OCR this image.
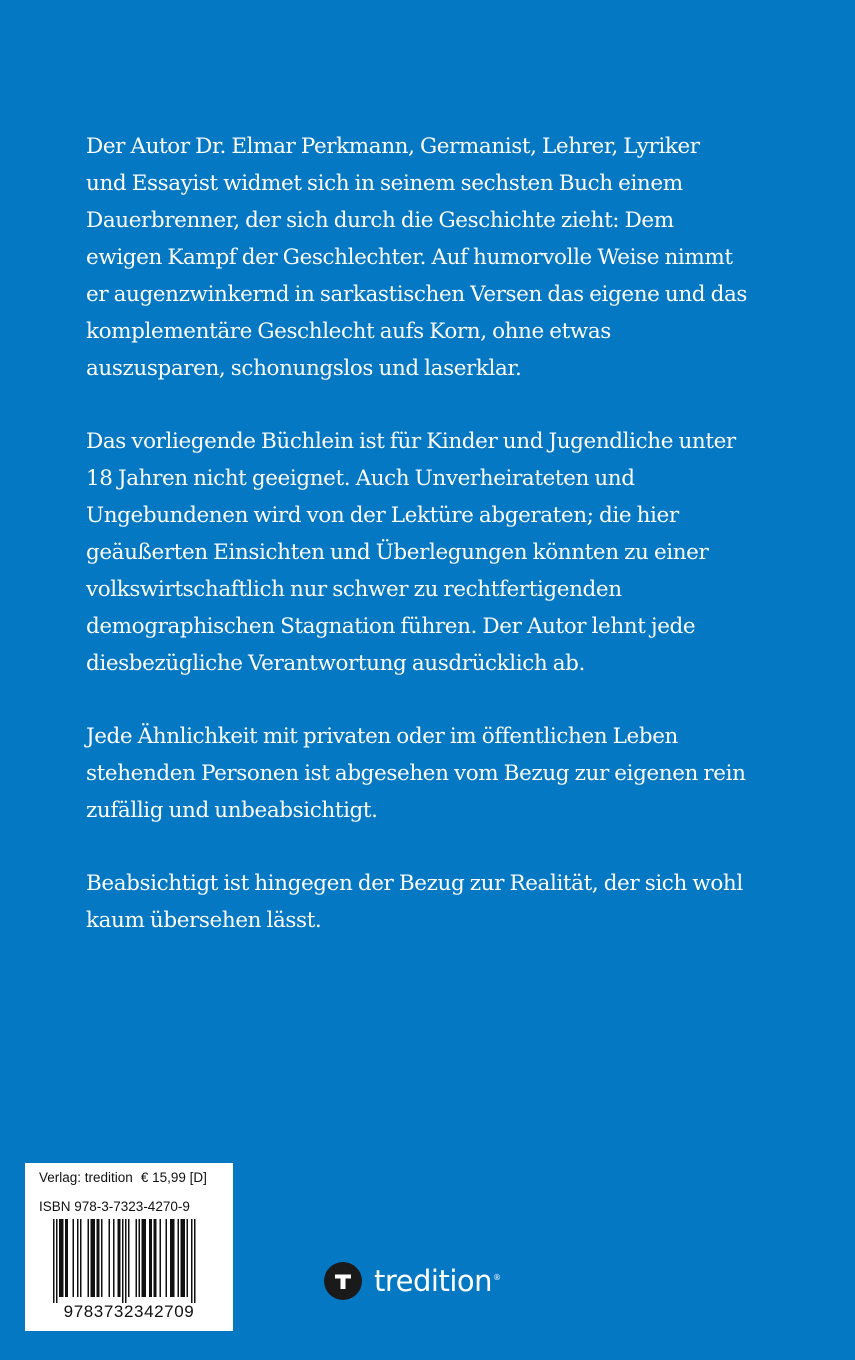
Der Autor Dr. Elmar Perkmann, Germanist, Lehrer, Lyriker
und Essayist widmet sich in seinem sechsten Buch einem
Dauerbrenner, der sich durch die Geschichte zieht: Dem
ewigen Kampf der Geschlechter. Auf humorvolle Weise nimmt
er augenzwinkernd in sarkastischen Versen das eigene und das
komplementäre Geschlecht aufs Korn, ohne etwas
auszusparen, schonungslos und laserklar.

Das vorliegende Büchlein ist für Kinder und Jugendliche unter
18 Jahren nicht geeignet. Auch Unverheirateten und
Ungebundenen wird von der Lektüre abgeraten; die hier
geäußerten Einsichten und Überlegungen könnten zu einer
volkswirtschaftlich nur schwer zu rechtfertigenden
demographischen Stagnation führen. Der Autor lehnt jede
diesbezügliche Verantwortung ausdrücklich ab.

Jede Ähnlichkeit mit privaten oder im öffentlichen Leben
stehenden Personen ist abgesehen vom Bezug zur eigenen rein
zufällig und unbeabsichtigt.

Beabsichtigt ist hingegen der Bezug zur Realität, der sich wohl
kaum übersehen lässt.

Verlag: tredition € 15,99 [D]
ISBN 978-3-7323-4270-9
9783732342709
tredition®
